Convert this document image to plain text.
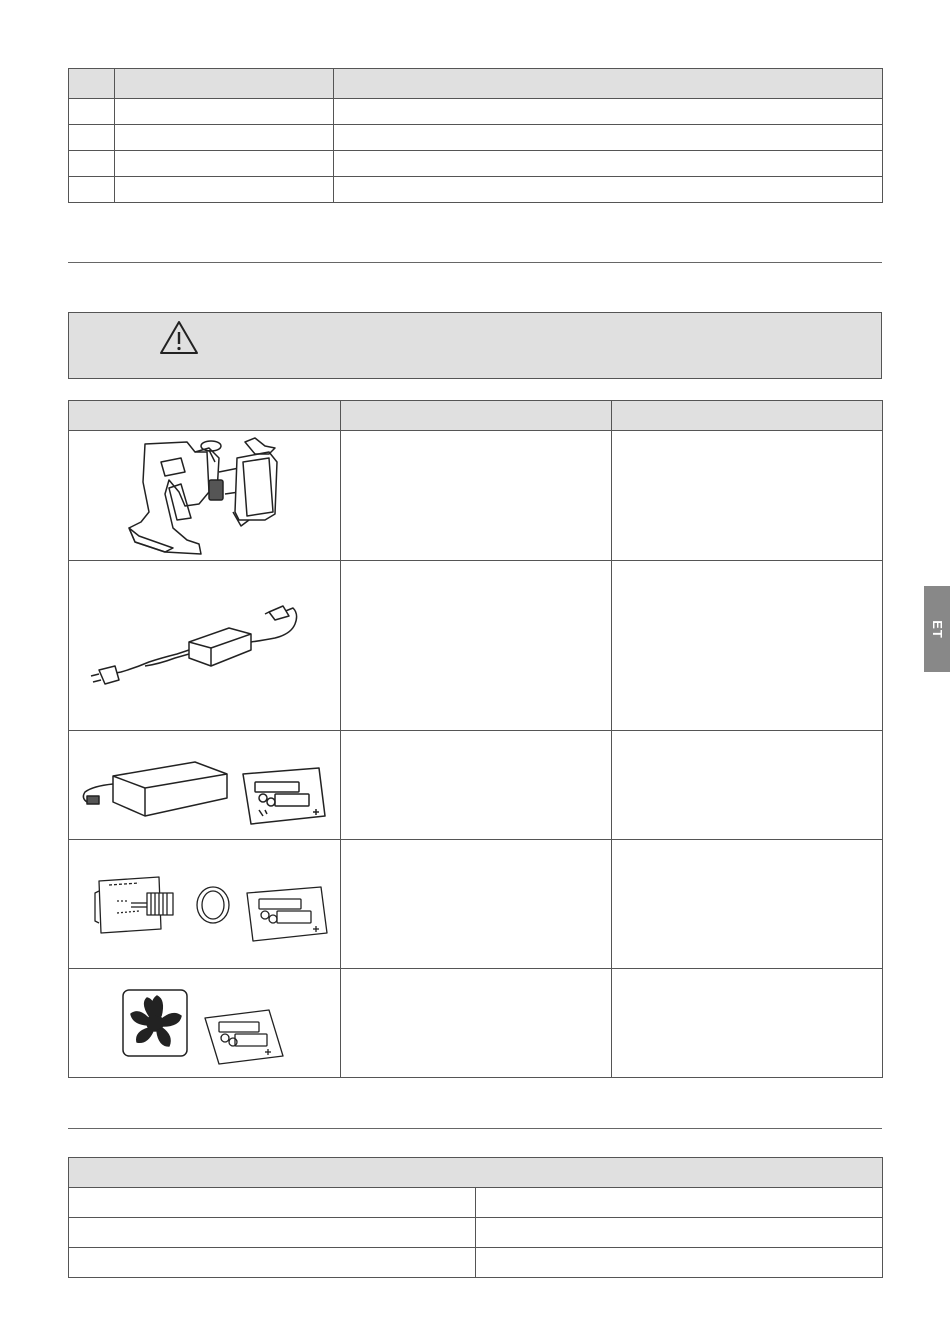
ET
